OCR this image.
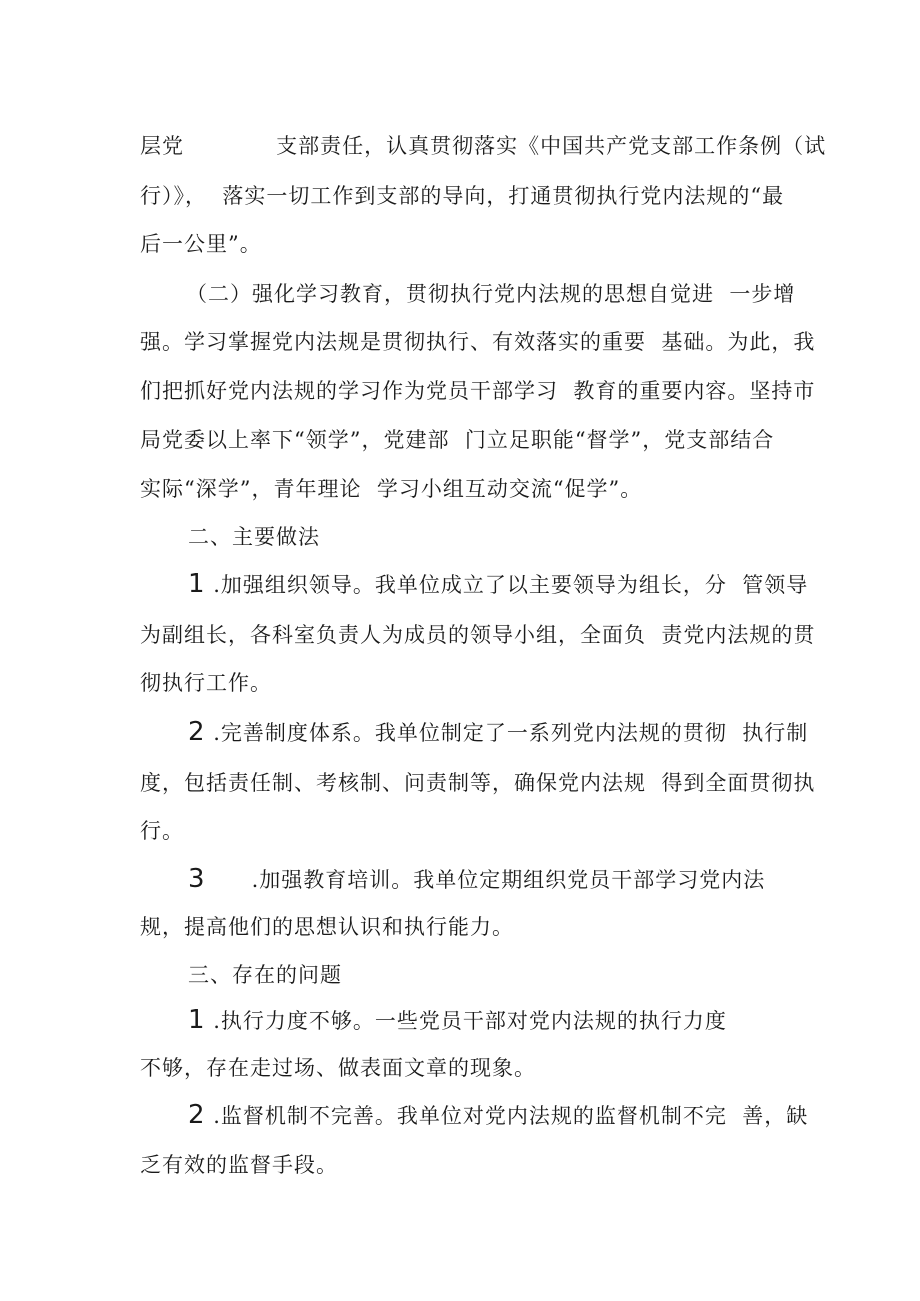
层党            支部责任，认真贯彻落实《中国共产党支部工作条例（试
行）》，  落实一切工作到支部的导向，打通贯彻执行党内法规的“最
后一公里”。
（二）强化学习教育，贯彻执行党内法规的思想自觉进  一步增
强。学习掌握党内法规是贯彻执行、有效落实的重要  基础。为此，我
们把抓好党内法规的学习作为党员干部学习  教育的重要内容。坚持市
局党委以上率下“领学”，党建部  门立足职能“督学”，党支部结合
实际“深学”，青年理论  学习小组互动交流“促学”。
二、主要做法
1 .加强组织领导。我单位成立了以主要领导为组长，分  管领导
为副组长，各科室负责人为成员的领导小组，全面负  责党内法规的贯
彻执行工作。
2 .完善制度体系。我单位制定了一系列党内法规的贯彻  执行制
度，包括责任制、考核制、问责制等，确保党内法规  得到全面贯彻执
行。
3      .加强教育培训。我单位定期组织党员干部学习党内法
规，提高他们的思想认识和执行能力。
三、存在的问题
1 .执行力度不够。一些党员干部对党内法规的执行力度
不够，存在走过场、做表面文章的现象。
2 .监督机制不完善。我单位对党内法规的监督机制不完  善，缺
乏有效的监督手段。
